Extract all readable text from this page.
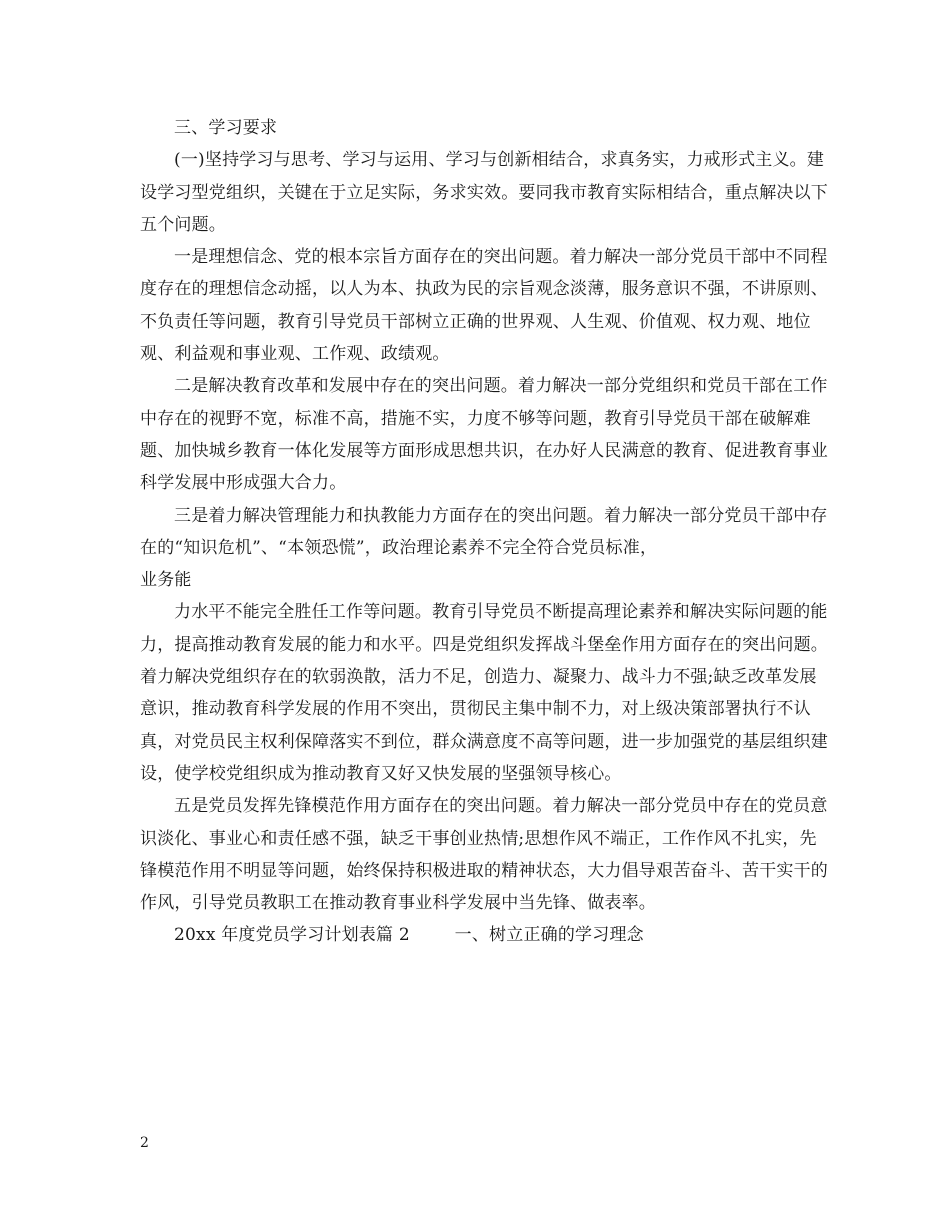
三、学习要求

(一)坚持学习与思考、学习与运用、学习与创新相结合，求真务实，力戒形式主义。建设学习型党组织，关键在于立足实际，务求实效。要同我市教育实际相结合，重点解决以下五个问题。

一是理想信念、党的根本宗旨方面存在的突出问题。着力解决一部分党员干部中不同程度存在的理想信念动摇，以人为本、执政为民的宗旨观念淡薄，服务意识不强，不讲原则、不负责任等问题，教育引导党员干部树立正确的世界观、人生观、价值观、权力观、地位观、利益观和事业观、工作观、政绩观。

二是解决教育改革和发展中存在的突出问题。着力解决一部分党组织和党员干部在工作中存在的视野不宽，标准不高，措施不实，力度不够等问题，教育引导党员干部在破解难题、加快城乡教育一体化发展等方面形成思想共识，在办好人民满意的教育、促进教育事业科学发展中形成强大合力。

三是着力解决管理能力和执教能力方面存在的突出问题。着力解决一部分党员干部中存在的“知识危机”、“本领恐慌”，政治理论素养不完全符合党员标准，

业务能

力水平不能完全胜任工作等问题。教育引导党员不断提高理论素养和解决实际问题的能力，提高推动教育发展的能力和水平。四是党组织发挥战斗堡垒作用方面存在的突出问题。着力解决党组织存在的软弱涣散，活力不足，创造力、凝聚力、战斗力不强;缺乏改革发展意识，推动教育科学发展的作用不突出，贯彻民主集中制不力，对上级决策部署执行不认真，对党员民主权利保障落实不到位，群众满意度不高等问题，进一步加强党的基层组织建设，使学校党组织成为推动教育又好又快发展的坚强领导核心。

五是党员发挥先锋模范作用方面存在的突出问题。着力解决一部分党员中存在的党员意识淡化、事业心和责任感不强，缺乏干事创业热情;思想作风不端正，工作作风不扎实，先锋模范作用不明显等问题，始终保持积极进取的精神状态，大力倡导艰苦奋斗、苦干实干的作风，引导党员教职工在推动教育事业科学发展中当先锋、做表率。

20xx 年度党员学习计划表篇 2        一、树立正确的学习理念

2
